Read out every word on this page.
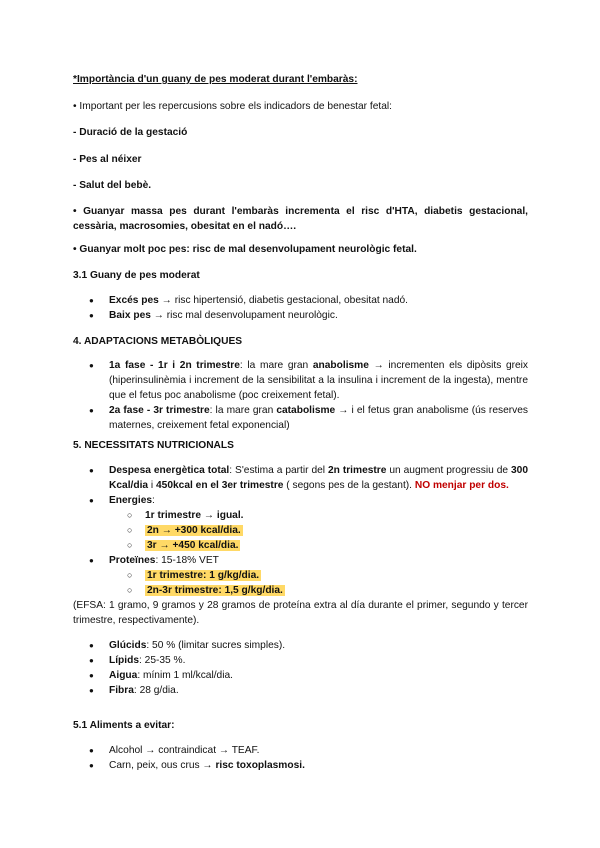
*Importància d'un guany de pes moderat durant l'embaràs:

• Important per les repercusions sobre els indicadors de benestar fetal:

- Duració de la gestació

- Pes al néixer

- Salut del bebè.

• Guanyar massa pes durant l'embaràs incrementa el risc d'HTA, diabetis gestacional, cessària, macrosomies, obesitat en el nadó….

• Guanyar molt poc pes: risc de mal desenvolupament neurològic fetal.

3.1 Guany de pes moderat

● Excés pes → risc hipertensió, diabetis gestacional, obesitat nadó.
● Baix pes → risc mal desenvolupament neurològic.

4. ADAPTACIONS METABÒLIQUES

● 1a fase - 1r i 2n trimestre: la mare gran anabolisme → incrementen els dipòsits greix (hiperinsulinèmia i increment de la sensibilitat a la insulina i increment de la ingesta), mentre que el fetus poc anabolisme (poc creixement fetal).
● 2a fase - 3r trimestre: la mare gran catabolisme → i el fetus gran anabolisme (ús reserves maternes, creixement fetal exponencial)

5. NECESSITATS NUTRICIONALS

● Despesa energètica total: S'estima a partir del 2n trimestre un augment progressiu de 300 Kcal/dia i 450kcal en el 3er trimestre ( segons pes de la gestant). NO menjar per dos.
● Energies:
○ 1r trimestre → igual.
○ 2n → +300 kcal/dia.
○ 3r → +450 kcal/dia.
● Proteïnes: 15-18% VET
○ 1r trimestre: 1 g/kg/dia.
○ 2n-3r trimestre: 1,5 g/kg/dia.

(EFSA: 1 gramo, 9 gramos y 28 gramos de proteína extra al día durante el primer, segundo y tercer trimestre, respectivamente).

● Glúcids: 50 % (limitar sucres simples).
● Lípids: 25-35 %.
● Aigua: mínim 1 ml/kcal/dia.
● Fibra: 28 g/dia.

5.1 Aliments a evitar:

● Alcohol → contraindicat → TEAF.
● Carn, peix, ous crus → risc toxoplasmosi.
